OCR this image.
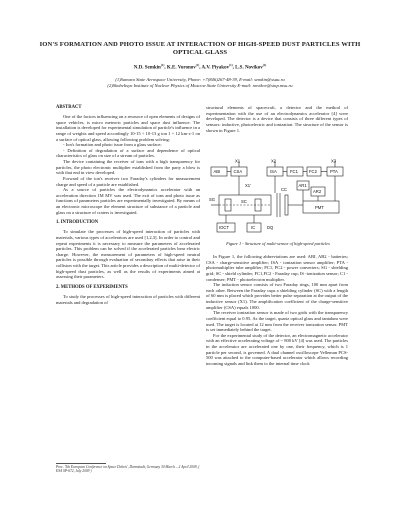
ION'S FORMATION AND PHOTO ISSUE AT INTERACTION OF HIGH-SPEED DUST PARTICLES WITH OPTICAL GLASS
N.D. Semkin$^{(1)}$, K.E. Voronov$^{(1)}$, A.V. Piyakov$^{(1)}$, L.S. Novikov$^{(2)}$
(1)Samara State Aerospace University, Phone: +7(846)267-48-39, E-mail: semkin@ssau.ru
(2)Skobeltsyn Institute of Nuclear Physics of Moscow State University E-mail: novikov@sinp.msu.ru

ABSTRACT

One of the factors influencing on a resource of open elements of designs of space vehicles, is micro meteoric particles and space dust influence. The installation is developed for experimental simulation of particle's influence in a range of weights and speed accordingly 10-15 ÷ 10-13 g ton 1 ÷ 12 km·s-1 on a surface of optical glass, allowing following problem solving:

- Ion's formation and photo issue from a glass surface;

- Definition of degradation of a surface and dependence of optical characteristics of glass on size of a stream of particles.

The device containing the receiver of ions with a high transparency for particles, the photo electronic multiplier established from the party a blow is with that end in view developed.

Forward of the ion's receiver two Faraday's cylinders for measurement charge and speed of a particle are established.

As a source of particles the electrodynamics accelerator with an acceleration direction 1M MV was used. The exit of ions and photo issue as functions of parameters particles are experimentally investigated. By means of an electronic microscope the element structure of substance of a particle and glass on a structure of craters is investigated.

1. INTRODUCTION

To simulate the processes of high-speed interaction of particles with materials, various types of accelerators are used [1,2,3]. In order to control and repeat experiments it is necessary to measure the parameters of accelerated particles. This problem can be solved if the accelerated particles bear electric charge. However, the measurement of parameters of high-speed neutral particles is possible through evaluation of secondary effects that arise in their collision with the target. This article provides a description of multi-detector of high-speed dust particles, as well as the results of experiments aimed at assessing their parameters.

2. METHODS OF EXPERIMENTS

To study the processes of high-speed interaction of particles with different materials and degradation of

structural elements of spacecraft, a detector and the method of experimentation with the use of an electrodynamics accelerator [4] were developed. The detector is a device that consists of three different types of sensors: inductive, photoelectric and ionization. The structure of the sensor is shown in Figure 1.

X1	X2	X3
ABI	CSA	ISA	FC1	FC2	PTA
AR1
AR2
SG	SC
CC
X1'
IOCT	IC
PMT
DQ
Figure 1 - Structure of multi-sensor of high-speed particles

In Figure 1, the following abbreviations are used: ABI, AB2 - batteries; CSA - charge-sensitive amplifier; ISA - ionization sensor amplifier; PTA - photomultiplier tube amplifier; PC1, PC2 - power converters; SG - shielding grid; SC - shield cylinder; FC1,FC2 - Faraday cup; IS -ionization sensor; C1 - condenser; PMT - photoelectron multiplier.

The induction sensor consists of two Faraday rings, 100 mm apart from each other. Between the Faraday cups a shielding cylinder (SC) with a length of 60 mm is placed which provides better pulse separation at the output of the inductive sensor (X1). The amplification coefficient of the charge-sensitive amplifier (CSA) equals 1000.

The receiver ionization sensor is made of two grids with the transparency coefficient equal to 0.95. As the target, quartz optical glass and tantalum were used. The target is located at 12 mm from the receiver ionization sensor. PMT is set immediately behind the target.

For the experimental study of the detector, an electromagnetic accelerator with an effective accelerating voltage of ~ 800 kV [4] was used. The particles in the accelerator are accelerated one by one, their frequency, which is 1 particle per second, is governed. A dual channel oscilloscope Velleman PCS-500 was attached to the computer-based accelerator which allows recording incoming signals and link them to the internal time clock

Proc. '5th European Conference on Space Debris', Darmstadt, Germany 30 March – 2 April 2009, ( ESA SP-672, July 2009 )
